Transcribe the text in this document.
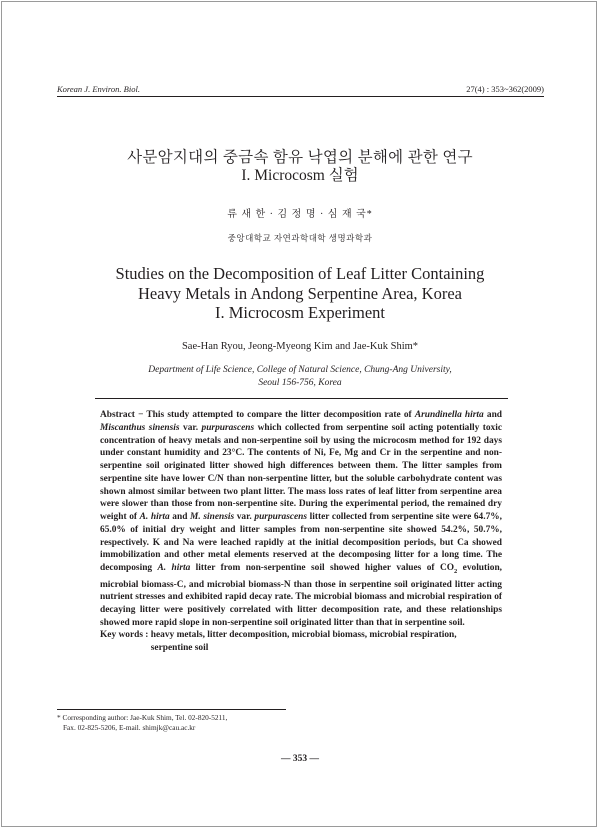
Korean J. Environ. Biol.	27(4) : 353~362(2009)
사문암지대의 중금속 함유 낙엽의 분해에 관한 연구
I. Microcosm 실험
류 새 한 · 김 정 명 · 심 재 국*
중앙대학교 자연과학대학 생명과학과
Studies on the Decomposition of Leaf Litter Containing
Heavy Metals in Andong Serpentine Area, Korea
I. Microcosm Experiment
Sae-Han Ryou, Jeong-Myeong Kim and Jae-Kuk Shim*
Department of Life Science, College of Natural Science, Chung-Ang University,
Seoul 156-756, Korea
Abstract − This study attempted to compare the litter decomposition rate of Arundinella hirta and Miscanthus sinensis var. purpurascens which collected from serpentine soil acting potentially toxic concentration of heavy metals and non-serpentine soil by using the microcosm method for 192 days under constant humidity and 23°C. The contents of Ni, Fe, Mg and Cr in the serpentine and non-serpentine soil originated litter showed high differences between them. The litter samples from serpentine site have lower C/N than non-serpentine litter, but the soluble carbohydrate content was shown almost similar between two plant litter. The mass loss rates of leaf litter from serpentine area were slower than those from non-serpentine site. During the experimental period, the remained dry weight of A. hirta and M. sinensis var. purpurascens litter collected from serpentine site were 64.7%, 65.0% of initial dry weight and litter samples from non-serpentine site showed 54.2%, 50.7%, respectively. K and Na were leached rapidly at the initial decomposition periods, but Ca showed immobilization and other metal elements reserved at the decomposing litter for a long time. The decomposing A. hirta litter from non-serpentine soil showed higher values of $CO_2$ evolution, microbial biomass-C, and microbial biomass-N than those in serpentine soil originated litter acting nutrient stresses and exhibited rapid decay rate. The microbial biomass and microbial respiration of decaying litter were positively correlated with litter decomposition rate, and these relationships showed more rapid slope in non-serpentine soil originated litter than that in serpentine soil.
Key words : heavy metals, litter decomposition, microbial biomass, microbial respiration, serpentine soil
* Corresponding author: Jae-Kuk Shim, Tel. 02-820-5211,
Fax. 02-825-5206, E-mail. shimjk@cau.ac.kr
— 353 —
